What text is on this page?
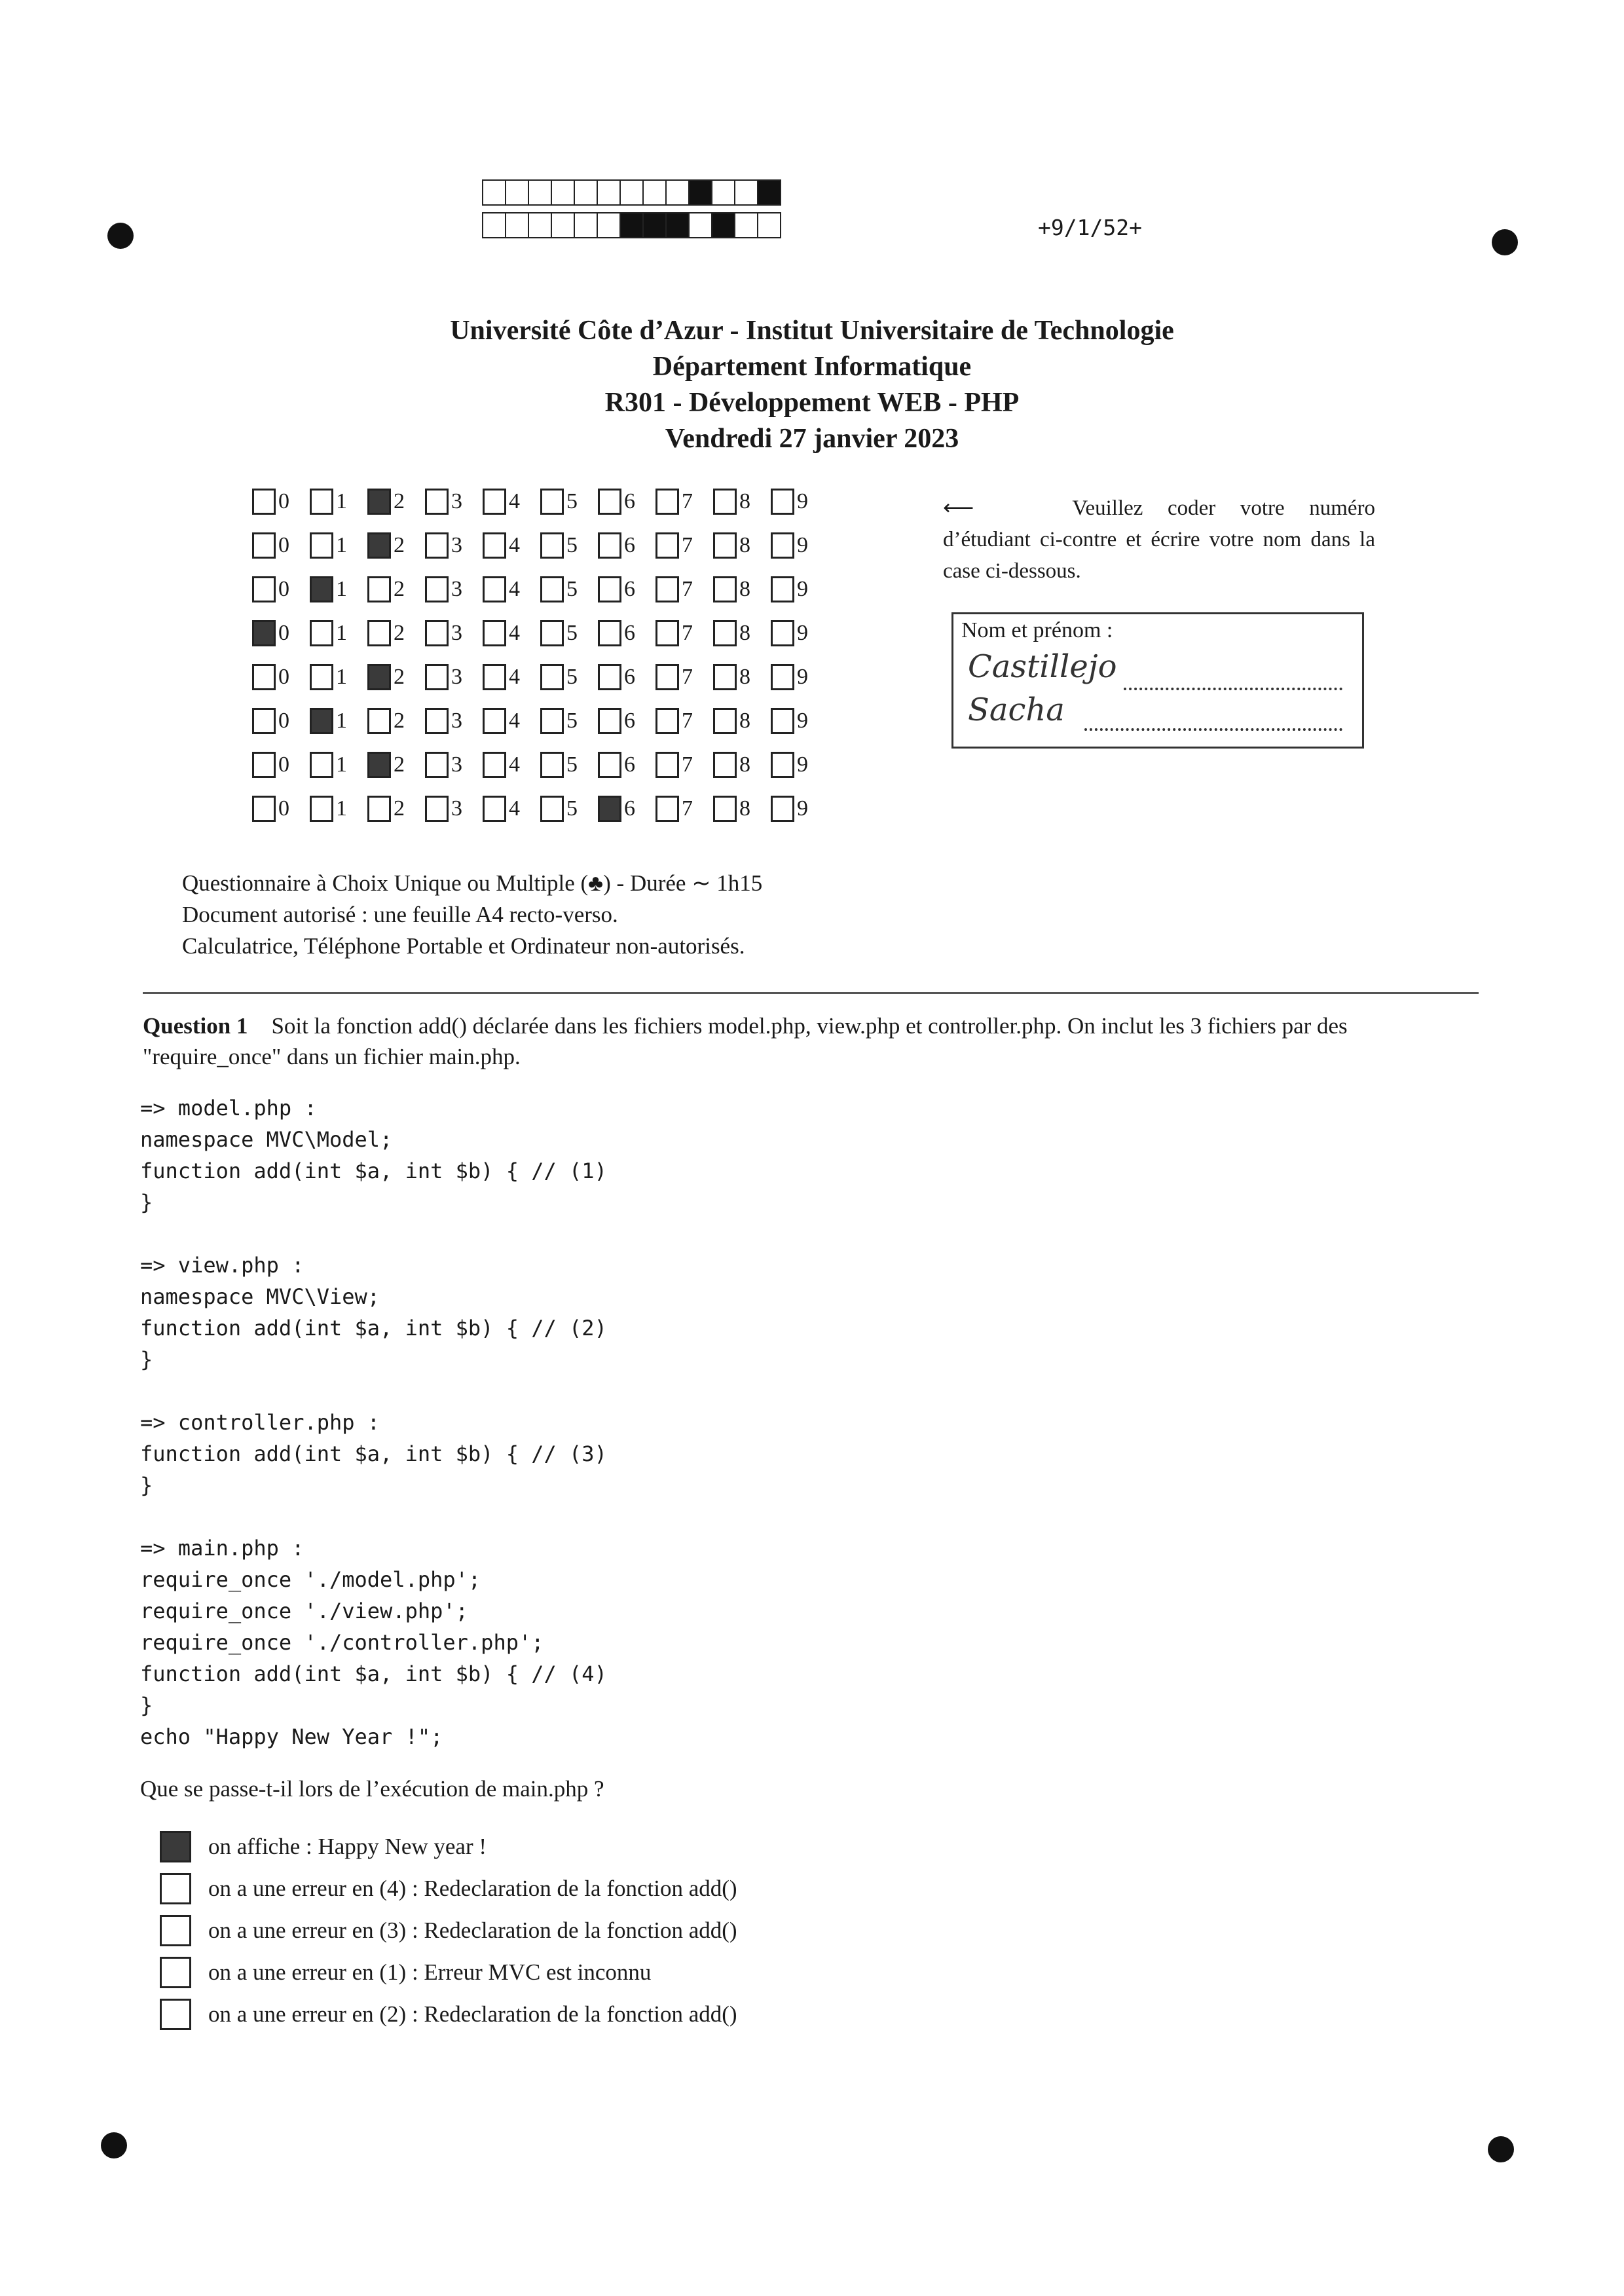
+9/1/52+
Université Côte d’Azur - Institut Universitaire de Technologie
Département Informatique
R301 - Développement WEB - PHP
Vendredi 27 janvier 2023
0 1 2 3 4 5 6 7 8 9
0 1 2 3 4 5 6 7 8 9
0 1 2 3 4 5 6 7 8 9
0 1 2 3 4 5 6 7 8 9
0 1 2 3 4 5 6 7 8 9
0 1 2 3 4 5 6 7 8 9
0 1 2 3 4 5 6 7 8 9
0 1 2 3 4 5 6 7 8 9
⟵	Veuillez coder votre numéro d’étudiant ci-contre et écrire votre nom dans la case ci-dessous.
Nom et prénom :
Castillejo
Sacha
Questionnaire à Choix Unique ou Multiple (♣) - Durée ∼ 1h15
Document autorisé : une feuille A4 recto-verso.
Calculatrice, Téléphone Portable et Ordinateur non-autorisés.
Question 1 Soit la fonction add() déclarée dans les fichiers model.php, view.php et controller.php. On inclut les 3 fichiers par des "require_once" dans un fichier main.php.
=> model.php :
namespace MVC\Model;
function add(int $a, int $b) { // (1)
}

=> view.php :
namespace MVC\View;
function add(int $a, int $b) { // (2)
}

=> controller.php :
function add(int $a, int $b) { // (3)
}

=> main.php :
require_once './model.php';
require_once './view.php';
require_once './controller.php';
function add(int $a, int $b) { // (4)
}
echo "Happy New Year !";
Que se passe-t-il lors de l’exécution de main.php ?
on affiche : Happy New year !
on a une erreur en (4) : Redeclaration de la fonction add()
on a une erreur en (3) : Redeclaration de la fonction add()
on a une erreur en (1) : Erreur MVC est inconnu
on a une erreur en (2) : Redeclaration de la fonction add()
